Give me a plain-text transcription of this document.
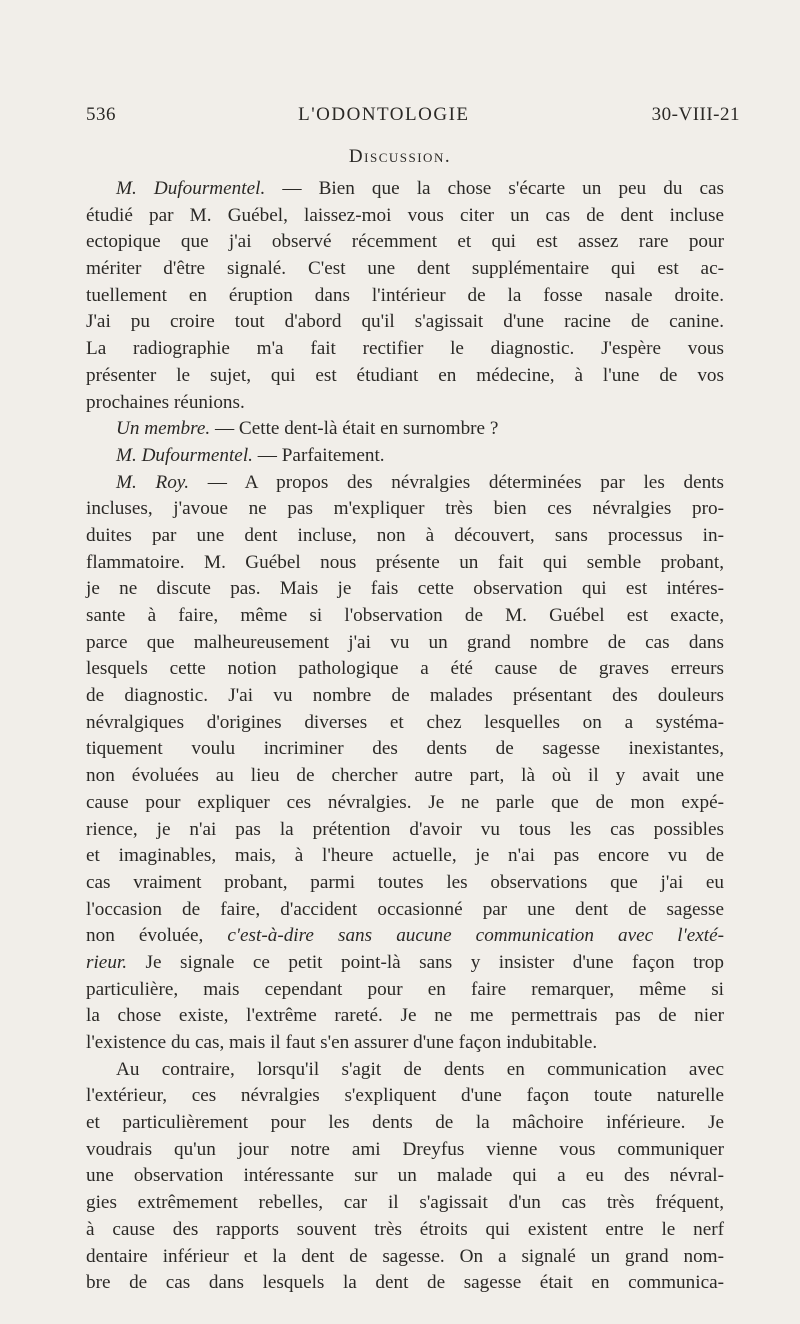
536	L'ODONTOLOGIE	30-VIII-21
Discussion.
M. Dufourmentel. — Bien que la chose s'écarte un peu du cas
étudié par M. Guébel, laissez-moi vous citer un cas de dent incluse
ectopique que j'ai observé récemment et qui est assez rare pour
mériter d'être signalé. C'est une dent supplémentaire qui est ac-
tuellement en éruption dans l'intérieur de la fosse nasale droite.
J'ai pu croire tout d'abord qu'il s'agissait d'une racine de canine.
La radiographie m'a fait rectifier le diagnostic. J'espère vous
présenter le sujet, qui est étudiant en médecine, à l'une de vos
prochaines réunions.
Un membre. — Cette dent-là était en surnombre ?
M. Dufourmentel. — Parfaitement.
M. Roy. — A propos des névralgies déterminées par les dents
incluses, j'avoue ne pas m'expliquer très bien ces névralgies pro-
duites par une dent incluse, non à découvert, sans processus in-
flammatoire. M. Guébel nous présente un fait qui semble probant,
je ne discute pas. Mais je fais cette observation qui est intéres-
sante à faire, même si l'observation de M. Guébel est exacte,
parce que malheureusement j'ai vu un grand nombre de cas dans
lesquels cette notion pathologique a été cause de graves erreurs
de diagnostic. J'ai vu nombre de malades présentant des douleurs
névralgiques d'origines diverses et chez lesquelles on a systéma-
tiquement voulu incriminer des dents de sagesse inexistantes,
non évoluées au lieu de chercher autre part, là où il y avait une
cause pour expliquer ces névralgies. Je ne parle que de mon expé-
rience, je n'ai pas la prétention d'avoir vu tous les cas possibles
et imaginables, mais, à l'heure actuelle, je n'ai pas encore vu de
cas vraiment probant, parmi toutes les observations que j'ai eu
l'occasion de faire, d'accident occasionné par une dent de sagesse
non évoluée, c'est-à-dire sans aucune communication avec l'exté-
rieur. Je signale ce petit point-là sans y insister d'une façon trop
particulière, mais cependant pour en faire remarquer, même si
la chose existe, l'extrême rareté. Je ne me permettrais pas de nier
l'existence du cas, mais il faut s'en assurer d'une façon indubitable.
Au contraire, lorsqu'il s'agit de dents en communication avec
l'extérieur, ces névralgies s'expliquent d'une façon toute naturelle
et particulièrement pour les dents de la mâchoire inférieure. Je
voudrais qu'un jour notre ami Dreyfus vienne vous communiquer
une observation intéressante sur un malade qui a eu des névral-
gies extrêmement rebelles, car il s'agissait d'un cas très fréquent,
à cause des rapports souvent très étroits qui existent entre le nerf
dentaire inférieur et la dent de sagesse. On a signalé un grand nom-
bre de cas dans lesquels la dent de sagesse était en communica-
